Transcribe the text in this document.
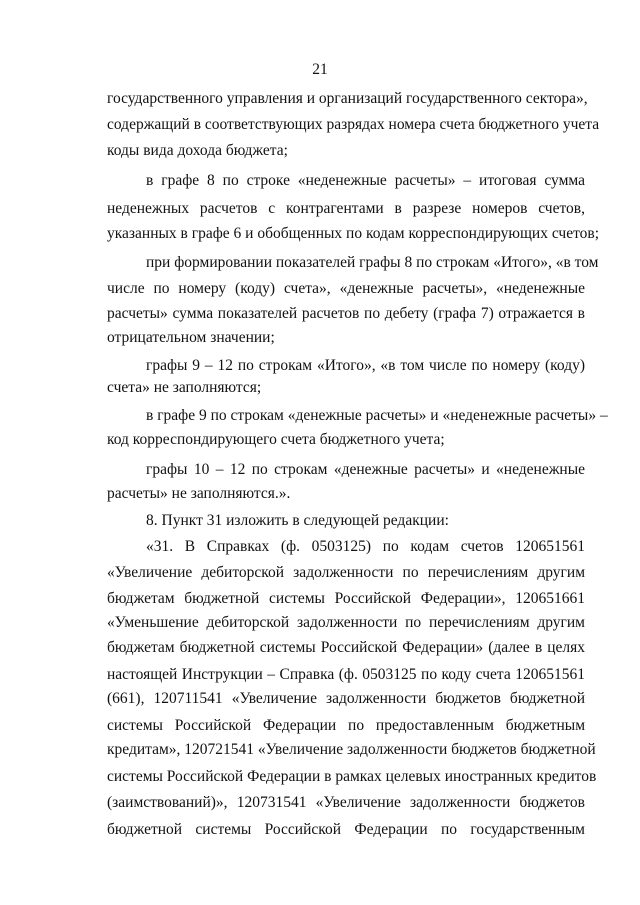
21
государственного управления и организаций государственного сектора»,
содержащий в соответствующих разрядах номера счета бюджетного учета
коды вида дохода бюджета;
в графе 8 по строке «неденежные расчеты» – итоговая сумма
неденежных расчетов с контрагентами в разрезе номеров счетов,
указанных в графе 6 и обобщенных по кодам корреспондирующих счетов;
при формировании показателей графы 8 по строкам «Итого», «в том
числе по номеру (коду) счета», «денежные расчеты», «неденежные
расчеты» сумма показателей расчетов по дебету (графа 7) отражается в
отрицательном значении;
графы 9 – 12 по строкам «Итого», «в том числе по номеру (коду)
счета» не заполняются;
в графе 9 по строкам «денежные расчеты» и «неденежные расчеты» –
код корреспондирующего счета бюджетного учета;
графы 10 – 12 по строкам «денежные расчеты» и «неденежные
расчеты» не заполняются.».
8. Пункт 31 изложить в следующей редакции:
«31. В Справках (ф. 0503125) по кодам счетов 120651561
«Увеличение дебиторской задолженности по перечислениям другим
бюджетам бюджетной системы Российской Федерации», 120651661
«Уменьшение дебиторской задолженности по перечислениям другим
бюджетам бюджетной системы Российской Федерации» (далее в целях
настоящей Инструкции – Справка (ф. 0503125 по коду счета 120651561
(661), 120711541 «Увеличение задолженности бюджетов бюджетной
системы Российской Федерации по предоставленным бюджетным
кредитам», 120721541 «Увеличение задолженности бюджетов бюджетной
системы Российской Федерации в рамках целевых иностранных кредитов
(заимствований)», 120731541 «Увеличение задолженности бюджетов
бюджетной системы Российской Федерации по государственным
